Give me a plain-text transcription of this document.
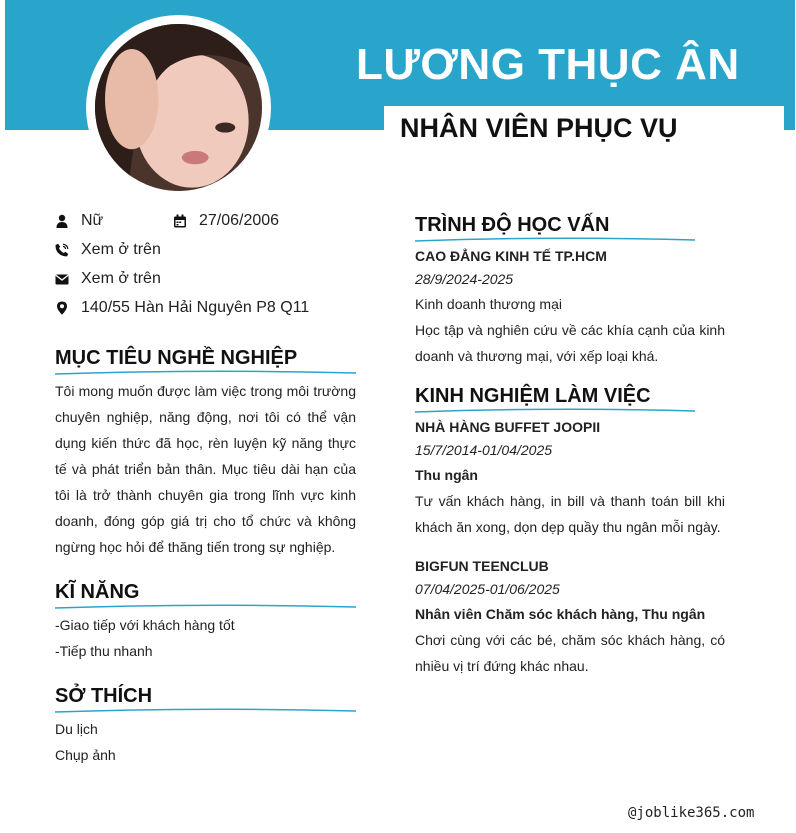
LƯƠNG THỤC ÂN
NHÂN VIÊN PHỤC VỤ
Nữ	27/06/2006
Xem ở trên
Xem ở trên
140/55 Hàn Hải Nguyên P8 Q11
MỤC TIÊU NGHỀ NGHIỆP
Tôi mong muốn được làm việc trong môi trường chuyên nghiệp, năng động, nơi tôi có thể vận dụng kiến thức đã học, rèn luyện kỹ năng thực tế và phát triển bản thân. Mục tiêu dài hạn của tôi là trở thành chuyên gia trong lĩnh vực kinh doanh, đóng góp giá trị cho tổ chức và không ngừng học hỏi để thăng tiến trong sự nghiệp.
KĨ NĂNG
-Giao tiếp với khách hàng tốt
-Tiếp thu nhanh
SỞ THÍCH
Du lịch
Chụp ảnh
TRÌNH ĐỘ HỌC VẤN
CAO ĐẲNG KINH TẾ TP.HCM
28/9/2024-2025
Kinh doanh thương mại
Học tập và nghiên cứu về các khía cạnh của kinh doanh và thương mại, với xếp loại khá.
KINH NGHIỆM LÀM VIỆC
NHÀ HÀNG BUFFET JOOPII
15/7/2014-01/04/2025
Thu ngân
Tư vấn khách hàng, in bill và thanh toán bill khi khách ăn xong, dọn dẹp quầy thu ngân mỗi ngày.
BIGFUN TEENCLUB
07/04/2025-01/06/2025
Nhân viên Chăm sóc khách hàng, Thu ngân
Chơi cùng với các bé, chăm sóc khách hàng, có nhiều vị trí đứng khác nhau.
@joblike365.com
